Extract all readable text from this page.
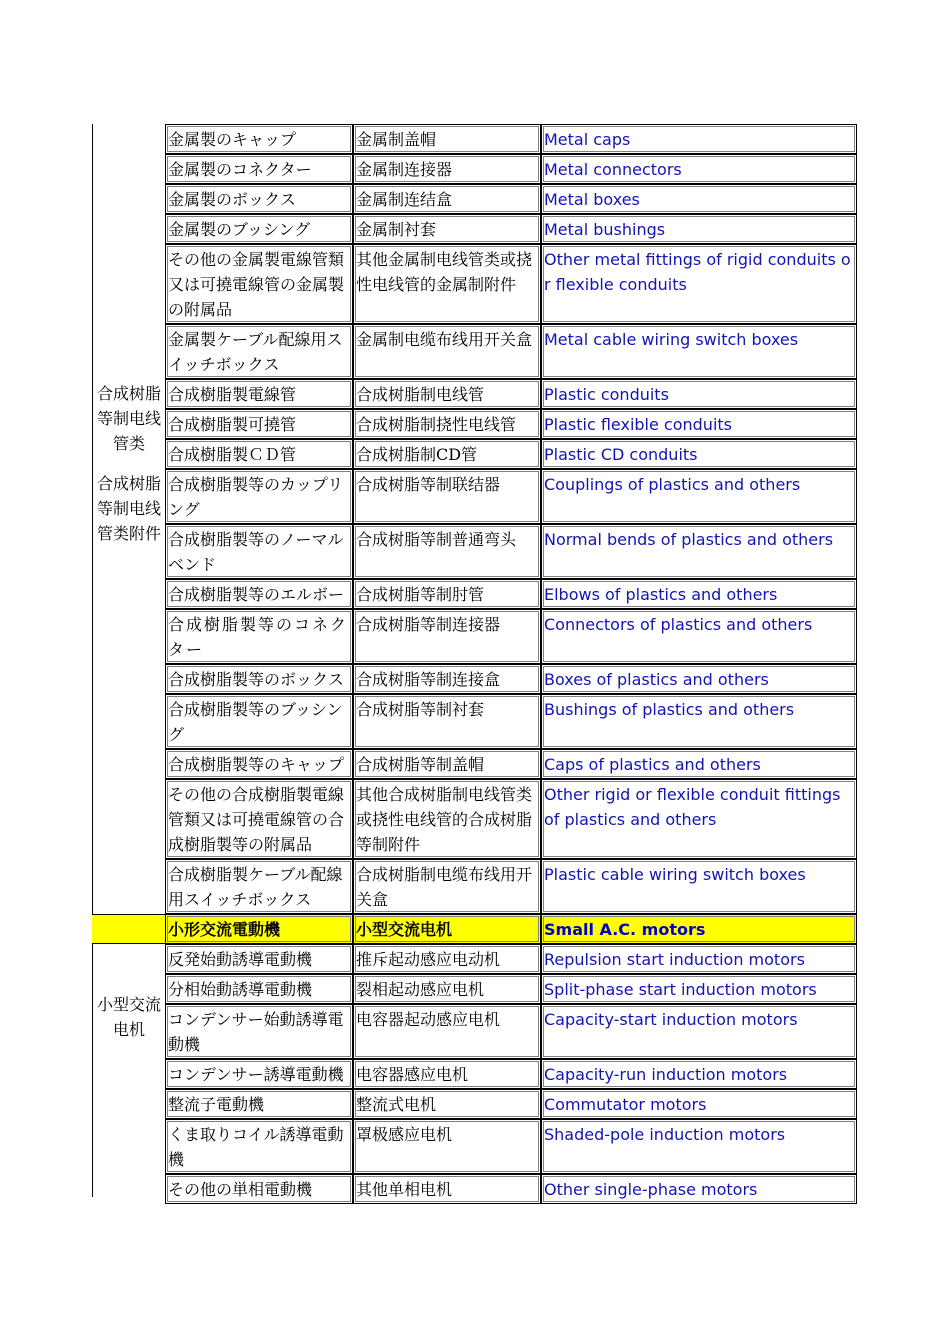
	金属製のキャップ	金属制盖帽	Metal caps
	金属製のコネクター	金属制连接器	Metal connectors
	金属製のボックス	金属制连结盒	Metal boxes
	金属製のブッシング	金属制衬套	Metal bushings
	その他の金属製電線管類又は可撓電線管の金属製の附属品	其他金属制电线管类或挠性电线管的金属制附件	Other metal fittings of rigid conduits or flexible conduits
	金属製ケーブル配線用スイッチボックス	金属制电缆布线用开关盒	Metal cable wiring switch boxes
合成树脂等制电线管类	合成樹脂製電線管	合成树脂制电线管	Plastic conduits
	合成樹脂製可撓管	合成树脂制挠性电线管	Plastic flexible conduits
	合成樹脂製ＣＤ管	合成树脂制CD管	Plastic CD conduits
合成树脂等制电线管类附件	合成樹脂製等のカップリング	合成树脂等制联结器	Couplings of plastics and others
	合成樹脂製等のノーマルベンド	合成树脂等制普通弯头	Normal bends of plastics and others
	合成樹脂製等のエルボー	合成树脂等制肘管	Elbows of plastics and others
	合成樹脂製等のコネクター	合成树脂等制连接器	Connectors of plastics and others
	合成樹脂製等のボックス	合成树脂等制连接盒	Boxes of plastics and others
	合成樹脂製等のブッシング	合成树脂等制衬套	Bushings of plastics and others
	合成樹脂製等のキャップ	合成树脂等制盖帽	Caps of plastics and others
	その他の合成樹脂製電線管類又は可撓電線管の合成樹脂製等の附属品	其他合成树脂制电线管类或挠性电线管的合成树脂等制附件	Other rigid or flexible conduit fittings of plastics and others
	合成樹脂製ケーブル配線用スイッチボックス	合成树脂制电缆布线用开关盒	Plastic cable wiring switch boxes
	小形交流電動機	小型交流电机	Small A.C. motors
小型交流电机	反発始動誘導電動機	推斥起动感应电动机	Repulsion start induction motors
	分相始動誘導電動機	裂相起动感应电机	Split-phase start induction motors
	コンデンサー始動誘導電動機	电容器起动感应电机	Capacity-start induction motors
	コンデンサー誘導電動機	电容器感应电机	Capacity-run induction motors
	整流子電動機	整流式电机	Commutator motors
	くま取りコイル誘導電動機	罩极感应电机	Shaded-pole induction motors
	その他の単相電動機	其他单相电机	Other single-phase motors
